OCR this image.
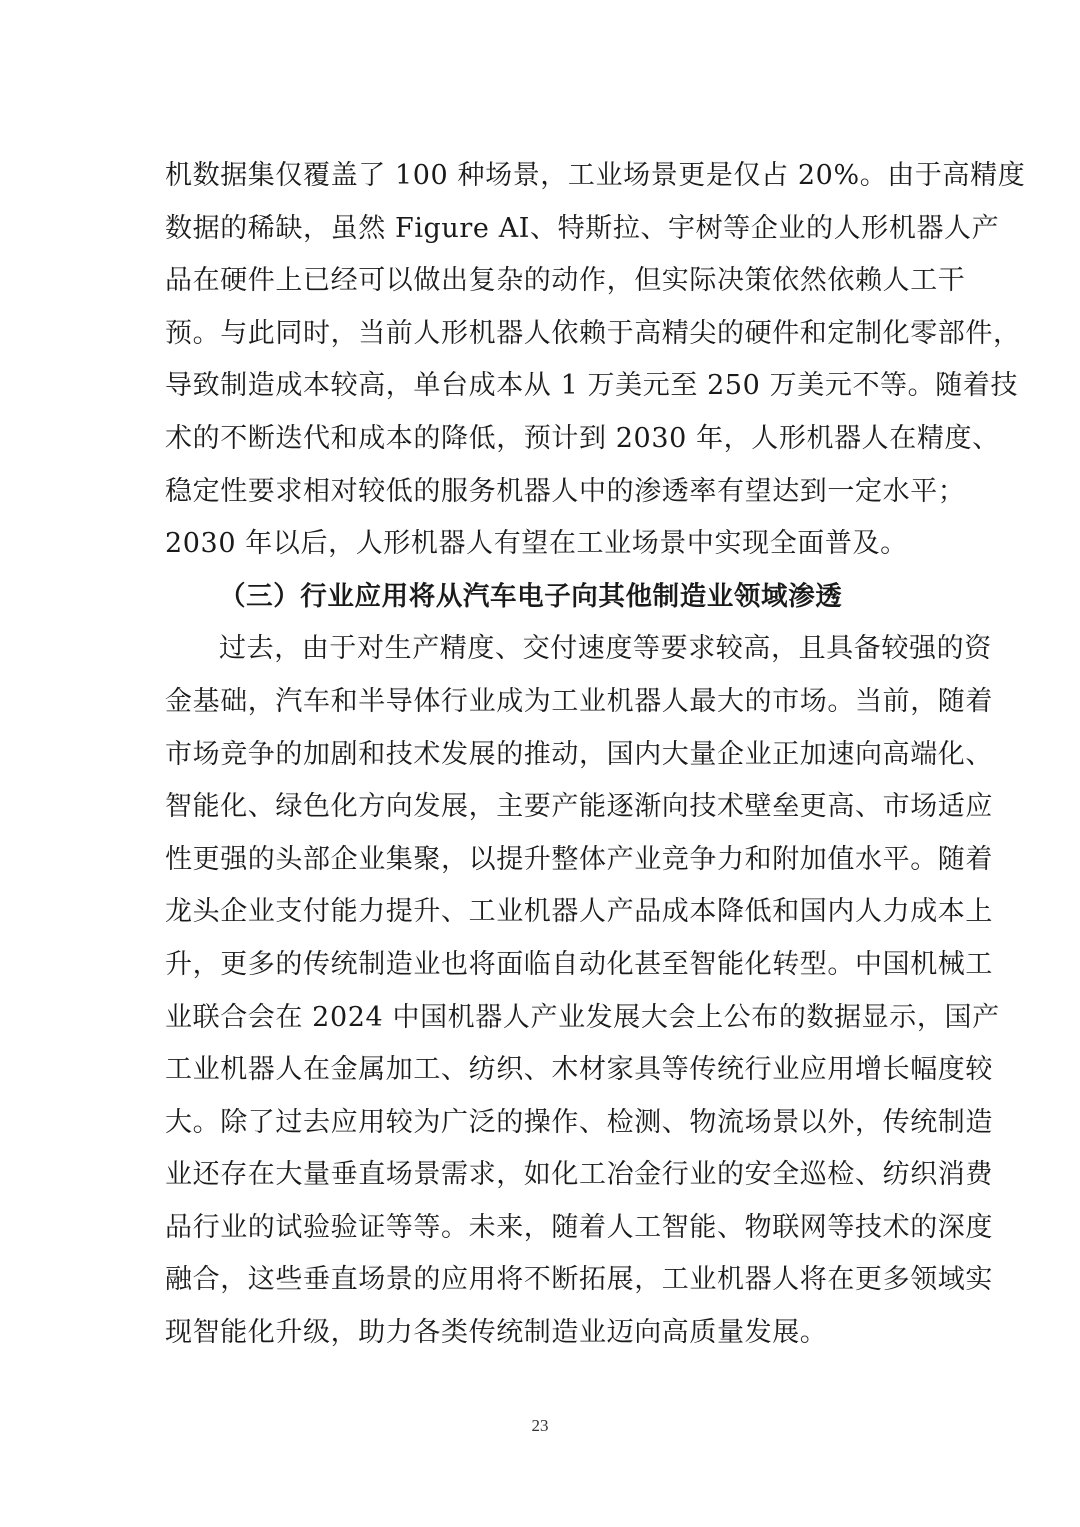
机数据集仅覆盖了 100 种场景，工业场景更是仅占 20%。由于高精度
数据的稀缺，虽然 Figure AI、特斯拉、宇树等企业的人形机器人产
品在硬件上已经可以做出复杂的动作，但实际决策依然依赖人工干
预。与此同时，当前人形机器人依赖于高精尖的硬件和定制化零部件，
导致制造成本较高，单台成本从 1 万美元至 250 万美元不等。随着技
术的不断迭代和成本的降低，预计到 2030 年，人形机器人在精度、
稳定性要求相对较低的服务机器人中的渗透率有望达到一定水平；
2030 年以后，人形机器人有望在工业场景中实现全面普及。
（三）行业应用将从汽车电子向其他制造业领域渗透
过去，由于对生产精度、交付速度等要求较高，且具备较强的资
金基础，汽车和半导体行业成为工业机器人最大的市场。当前，随着
市场竞争的加剧和技术发展的推动，国内大量企业正加速向高端化、
智能化、绿色化方向发展，主要产能逐渐向技术壁垒更高、市场适应
性更强的头部企业集聚，以提升整体产业竞争力和附加值水平。随着
龙头企业支付能力提升、工业机器人产品成本降低和国内人力成本上
升，更多的传统制造业也将面临自动化甚至智能化转型。中国机械工
业联合会在 2024 中国机器人产业发展大会上公布的数据显示，国产
工业机器人在金属加工、纺织、木材家具等传统行业应用增长幅度较
大。除了过去应用较为广泛的操作、检测、物流场景以外，传统制造
业还存在大量垂直场景需求，如化工冶金行业的安全巡检、纺织消费
品行业的试验验证等等。未来，随着人工智能、物联网等技术的深度
融合，这些垂直场景的应用将不断拓展，工业机器人将在更多领域实
现智能化升级，助力各类传统制造业迈向高质量发展。
23
